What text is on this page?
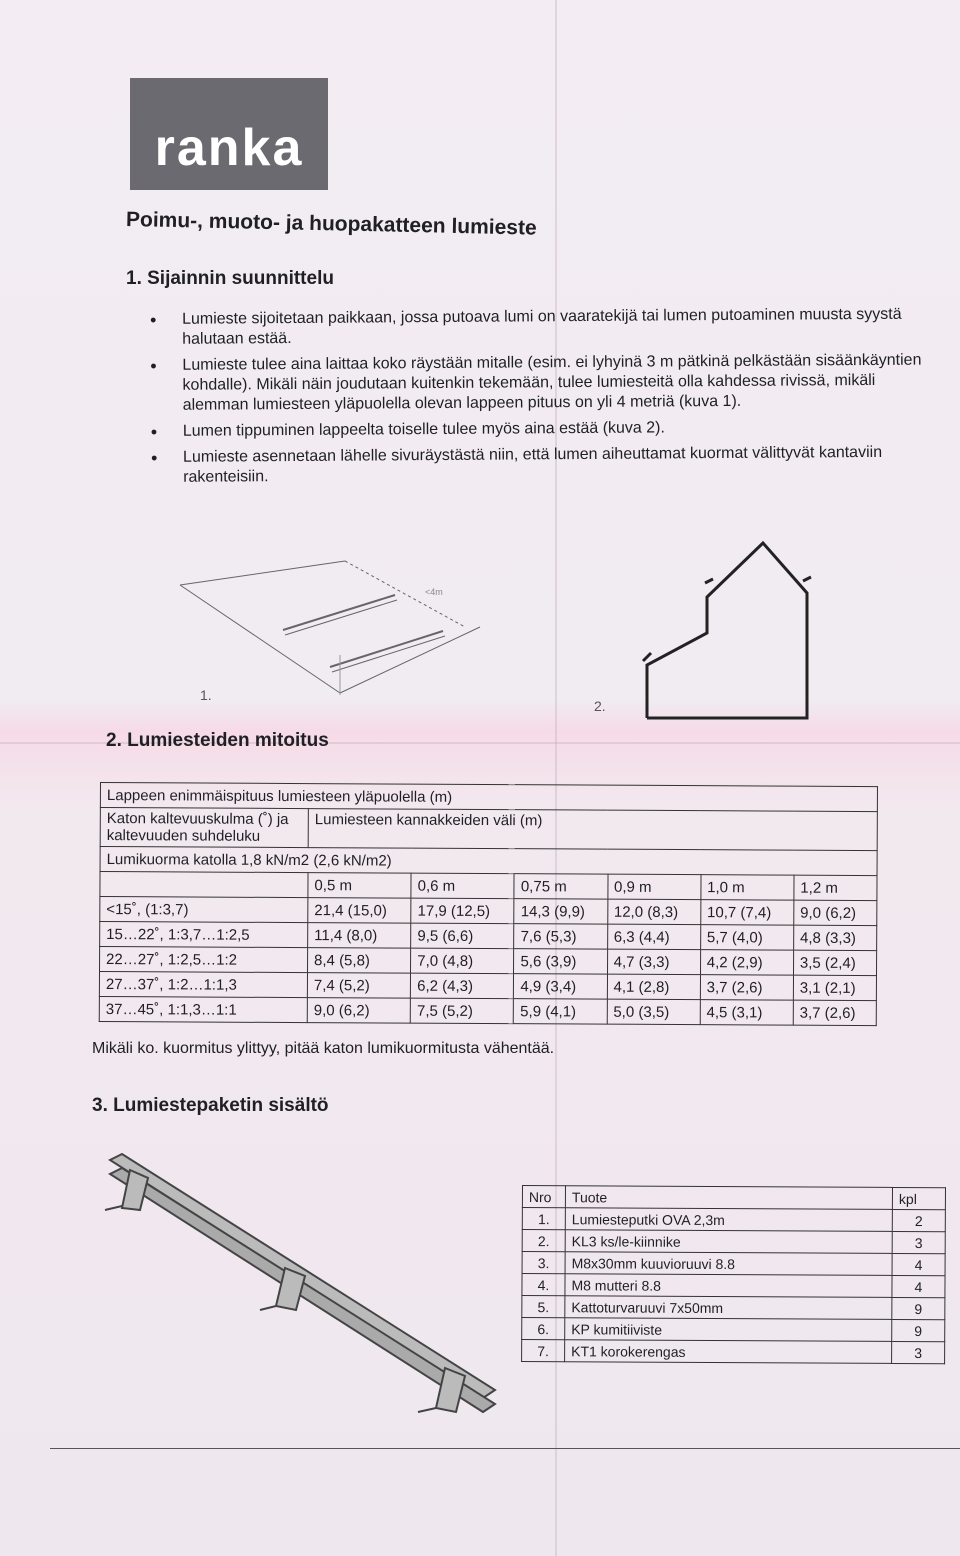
ranka
Poimu-, muoto- ja huopakatteen lumieste
1. Sijainnin suunnittelu
• Lumieste sijoitetaan paikkaan, jossa putoava lumi on vaaratekijä tai lumen putoaminen muusta syystä halutaan estää.
• Lumieste tulee aina laittaa koko räystään mitalle (esim. ei lyhyinä 3 m pätkinä pelkästään sisäänkäyntien kohdalle). Mikäli näin joudutaan kuitenkin tekemään, tulee lumiesteitä olla kahdessa rivissä, mikäli alemman lumiesteen yläpuolella olevan lappeen pituus on yli 4 metriä (kuva 1).
• Lumen tippuminen lappeelta toiselle tulee myös aina estää (kuva 2).
• Lumieste asennetaan lähelle sivuräystästä niin, että lumen aiheuttamat kuormat välittyvät kantaviin rakenteisiin.
<4m
1.
2.
2. Lumiesteiden mitoitus
Lappeen enimmäispituus lumiesteen yläpuolella (m)						
Katon kaltevuuskulma (˚) ja kaltevuuden suhdeluku	Lumiesteen kannakkeiden väli (m)					
Lumikuorma katolla 1,8 kN/m2 (2,6 kN/m2)						
	0,5 m	0,6 m	0,75 m	0,9 m	1,0 m	1,2 m
<15˚, (1:3,7)	21,4 (15,0)	17,9 (12,5)	14,3 (9,9)	12,0 (8,3)	10,7 (7,4)	9,0 (6,2)
15…22˚, 1:3,7…1:2,5	11,4 (8,0)	9,5 (6,6)	7,6 (5,3)	6,3 (4,4)	5,7 (4,0)	4,8 (3,3)
22…27˚, 1:2,5…1:2	8,4 (5,8)	7,0 (4,8)	5,6 (3,9)	4,7 (3,3)	4,2 (2,9)	3,5 (2,4)
27…37˚, 1:2…1:1,3	7,4 (5,2)	6,2 (4,3)	4,9 (3,4)	4,1 (2,8)	3,7 (2,6)	3,1 (2,1)
37…45˚, 1:1,3…1:1	9,0 (6,2)	7,5 (5,2)	5,9 (4,1)	5,0 (3,5)	4,5 (3,1)	3,7 (2,6)
Mikäli ko. kuormitus ylittyy, pitää katon lumikuormitusta vähentää.
3. Lumiestepaketin sisältö
Nro	Tuote	kpl
1.	Lumiesteputki OVA 2,3m	2
2.	KL3 ks/le-kiinnike	3
3.	M8x30mm kuuvioruuvi 8.8	4
4.	M8 mutteri 8.8	4
5.	Kattoturvaruuvi 7x50mm	9
6.	KP kumitiiviste	9
7.	KT1 korokerengas	3
